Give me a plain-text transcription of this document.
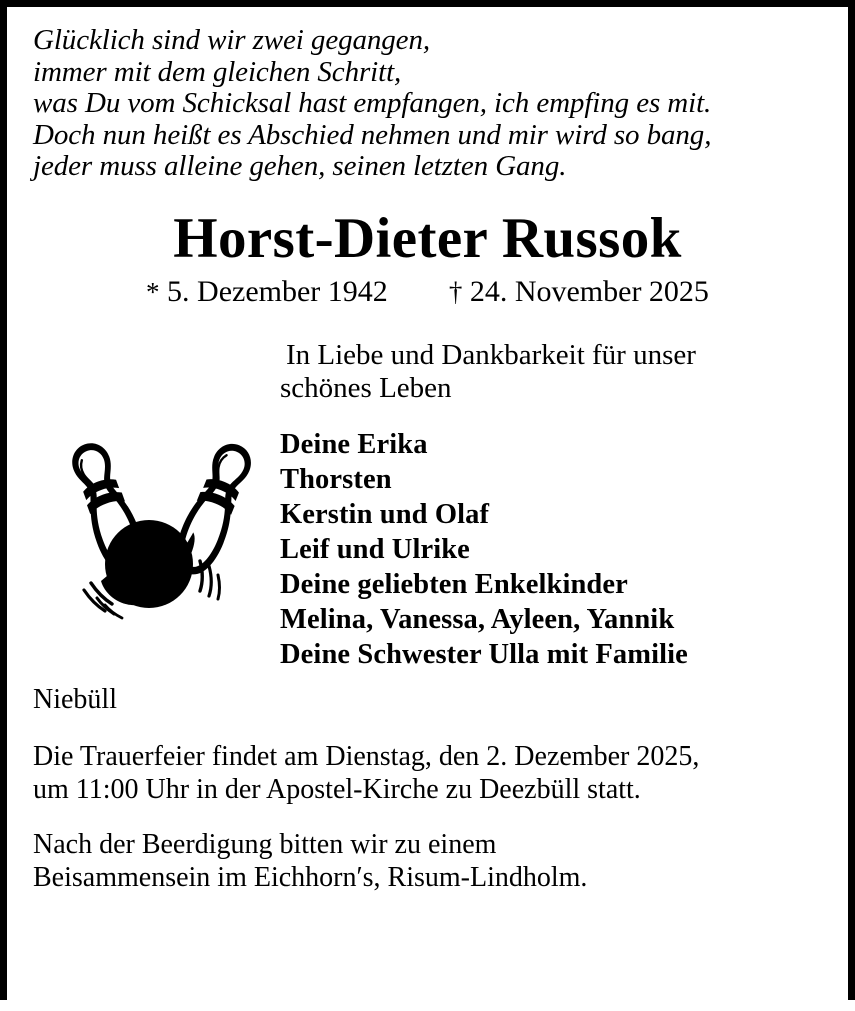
Glücklich sind wir zwei gegangen,
immer mit dem gleichen Schritt,
was Du vom Schicksal hast empfangen, ich empfing es mit.
Doch nun heißt es Abschied nehmen und mir wird so bang,
jeder muss alleine gehen, seinen letzten Gang.
Horst-Dieter Russok
* 5. Dezember 1942 † 24. November 2025
In Liebe und Dankbarkeit für unser
schönes Leben
Deine Erika
Thorsten
Kerstin und Olaf
Leif und Ulrike
Deine geliebten Enkelkinder
Melina, Vanessa, Ayleen, Yannik
Deine Schwester Ulla mit Familie

Niebüll

Die Trauerfeier findet am Dienstag, den 2. Dezember 2025,
um 11:00 Uhr in der Apostel-Kirche zu Deezbüll statt.

Nach der Beerdigung bitten wir zu einem
Beisammensein im Eichhorn′s, Risum-Lindholm.
